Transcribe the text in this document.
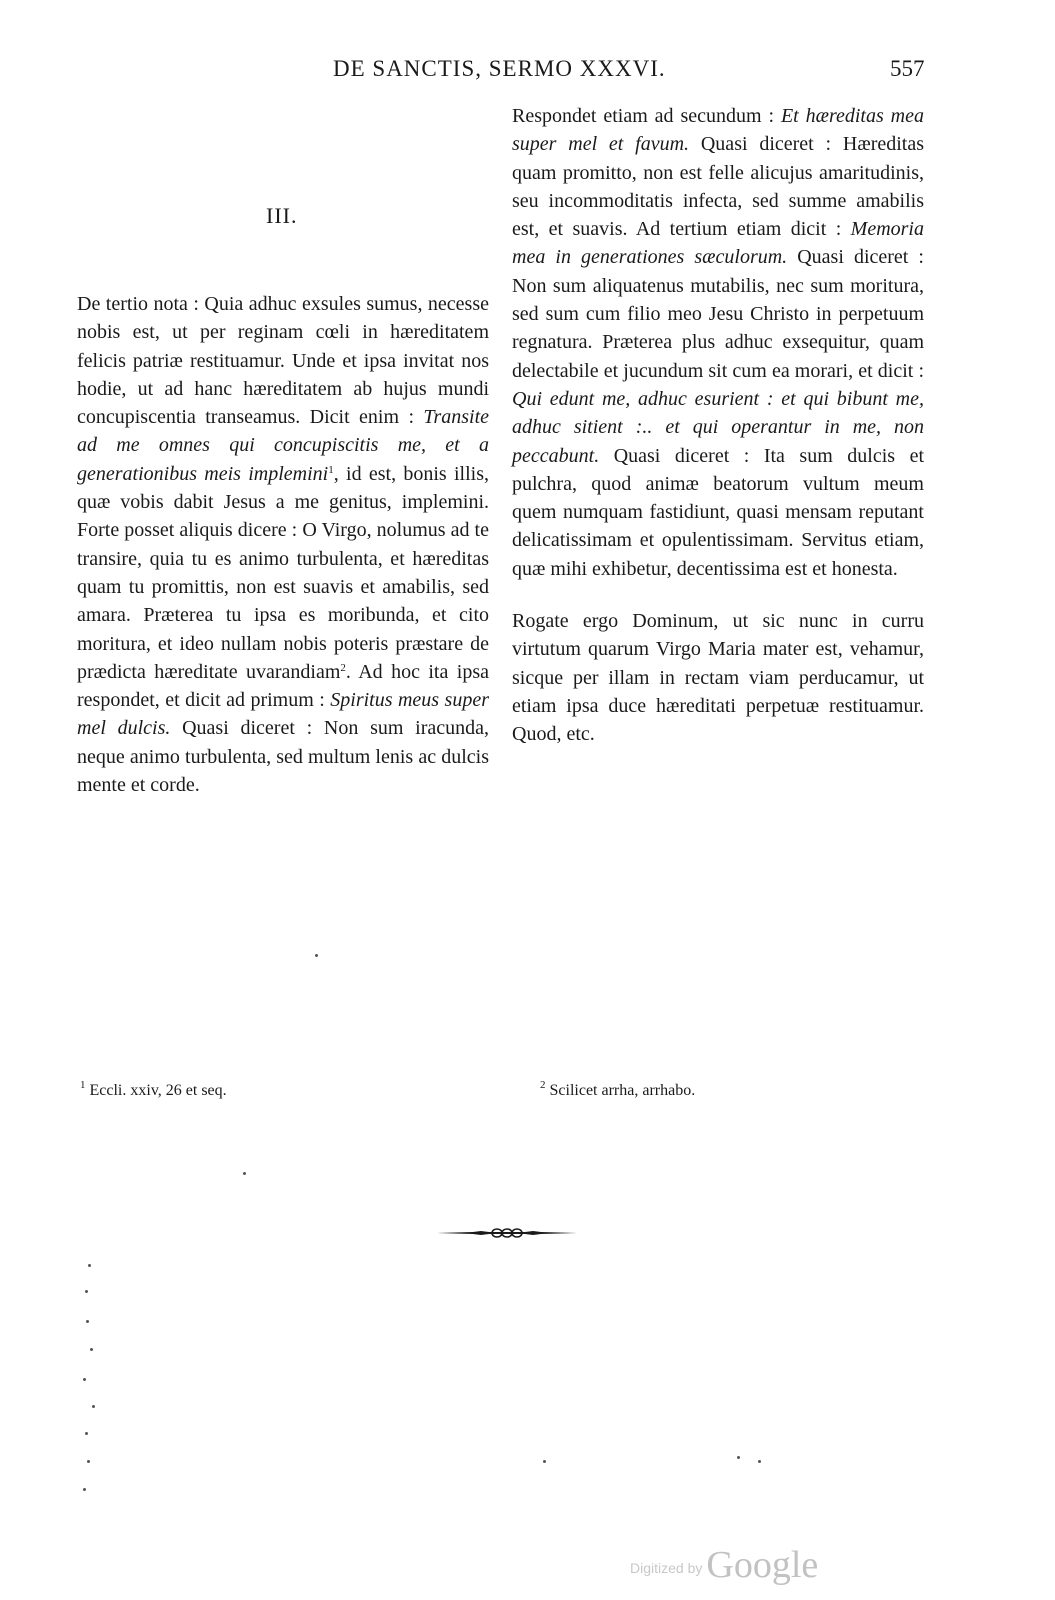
DE SANCTIS, SERMO XXXVI.	557
III.

De tertio nota : Quia adhuc exsules sumus, necesse nobis est, ut per reginam cœli in hæreditatem felicis patriæ restituamur. Unde et ipsa invitat nos hodie, ut ad hanc hæreditatem ab hujus mundi concupiscentia transeamus. Dicit enim : Transite ad me omnes qui concupiscitis me, et a generationibus meis implemini$^1$, id est, bonis illis, quæ vobis dabit Jesus a me genitus, implemini. Forte posset aliquis dicere : O Virgo, nolumus ad te transire, quia tu es animo turbulenta, et hæreditas quam tu promittis, non est suavis et amabilis, sed amara. Præterea tu ipsa es moribunda, et cito moritura, et ideo nullam nobis poteris præstare de prædicta hæreditate uvarandiam$^2$. Ad hoc ita ipsa respondet, et dicit ad primum : Spiritus meus super mel dulcis. Quasi diceret : Non sum iracunda, neque animo turbulenta, sed multum lenis ac dulcis mente et corde.

Respondet etiam ad secundum : Et hæreditas mea super mel et favum. Quasi diceret : Hæreditas quam promitto, non est felle alicujus amaritudinis, seu incommoditatis infecta, sed summe amabilis est, et suavis. Ad tertium etiam dicit : Memoria mea in generationes sæculorum. Quasi diceret : Non sum aliquatenus mutabilis, nec sum moritura, sed sum cum filio meo Jesu Christo in perpetuum regnatura. Præterea plus adhuc exsequitur, quam delectabile et jucundum sit cum ea morari, et dicit : Qui edunt me, adhuc esurient : et qui bibunt me, adhuc sitient :.. et qui operantur in me, non peccabunt. Quasi diceret : Ita sum dulcis et pulchra, quod animæ beatorum vultum meum quem numquam fastidiunt, quasi mensam reputant delicatissimam et opulentissimam. Servitus etiam, quæ mihi exhibetur, decentissima est et honesta.

Rogate ergo Dominum, ut sic nunc in curru virtutum quarum Virgo Maria mater est, vehamur, sicque per illam in rectam viam perducamur, ut etiam ipsa duce hæreditati perpetuæ restituamur. Quod, etc.

$^1$ Eccli. xxiv, 26 et seq.	$^2$ Scilicet arrha, arrhabo.
Digitized by Google
